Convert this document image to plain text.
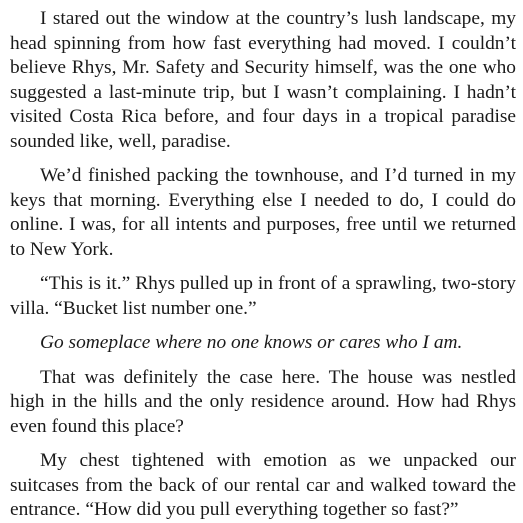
I stared out the window at the country’s lush landscape, my head spinning from how fast everything had moved. I couldn’t believe Rhys, Mr. Safety and Security himself, was the one who suggested a last-minute trip, but I wasn’t complaining. I hadn’t visited Costa Rica before, and four days in a tropical paradise sounded like, well, paradise.

We’d finished packing the townhouse, and I’d turned in my keys that morning. Everything else I needed to do, I could do online. I was, for all intents and purposes, free until we returned to New York.

“This is it.” Rhys pulled up in front of a sprawling, two-story villa. “Bucket list number one.”

Go someplace where no one knows or cares who I am.

That was definitely the case here. The house was nestled high in the hills and the only residence around. How had Rhys even found this place?

My chest tightened with emotion as we unpacked our suitcases from the back of our rental car and walked toward the entrance. “How did you pull everything together so fast?”
